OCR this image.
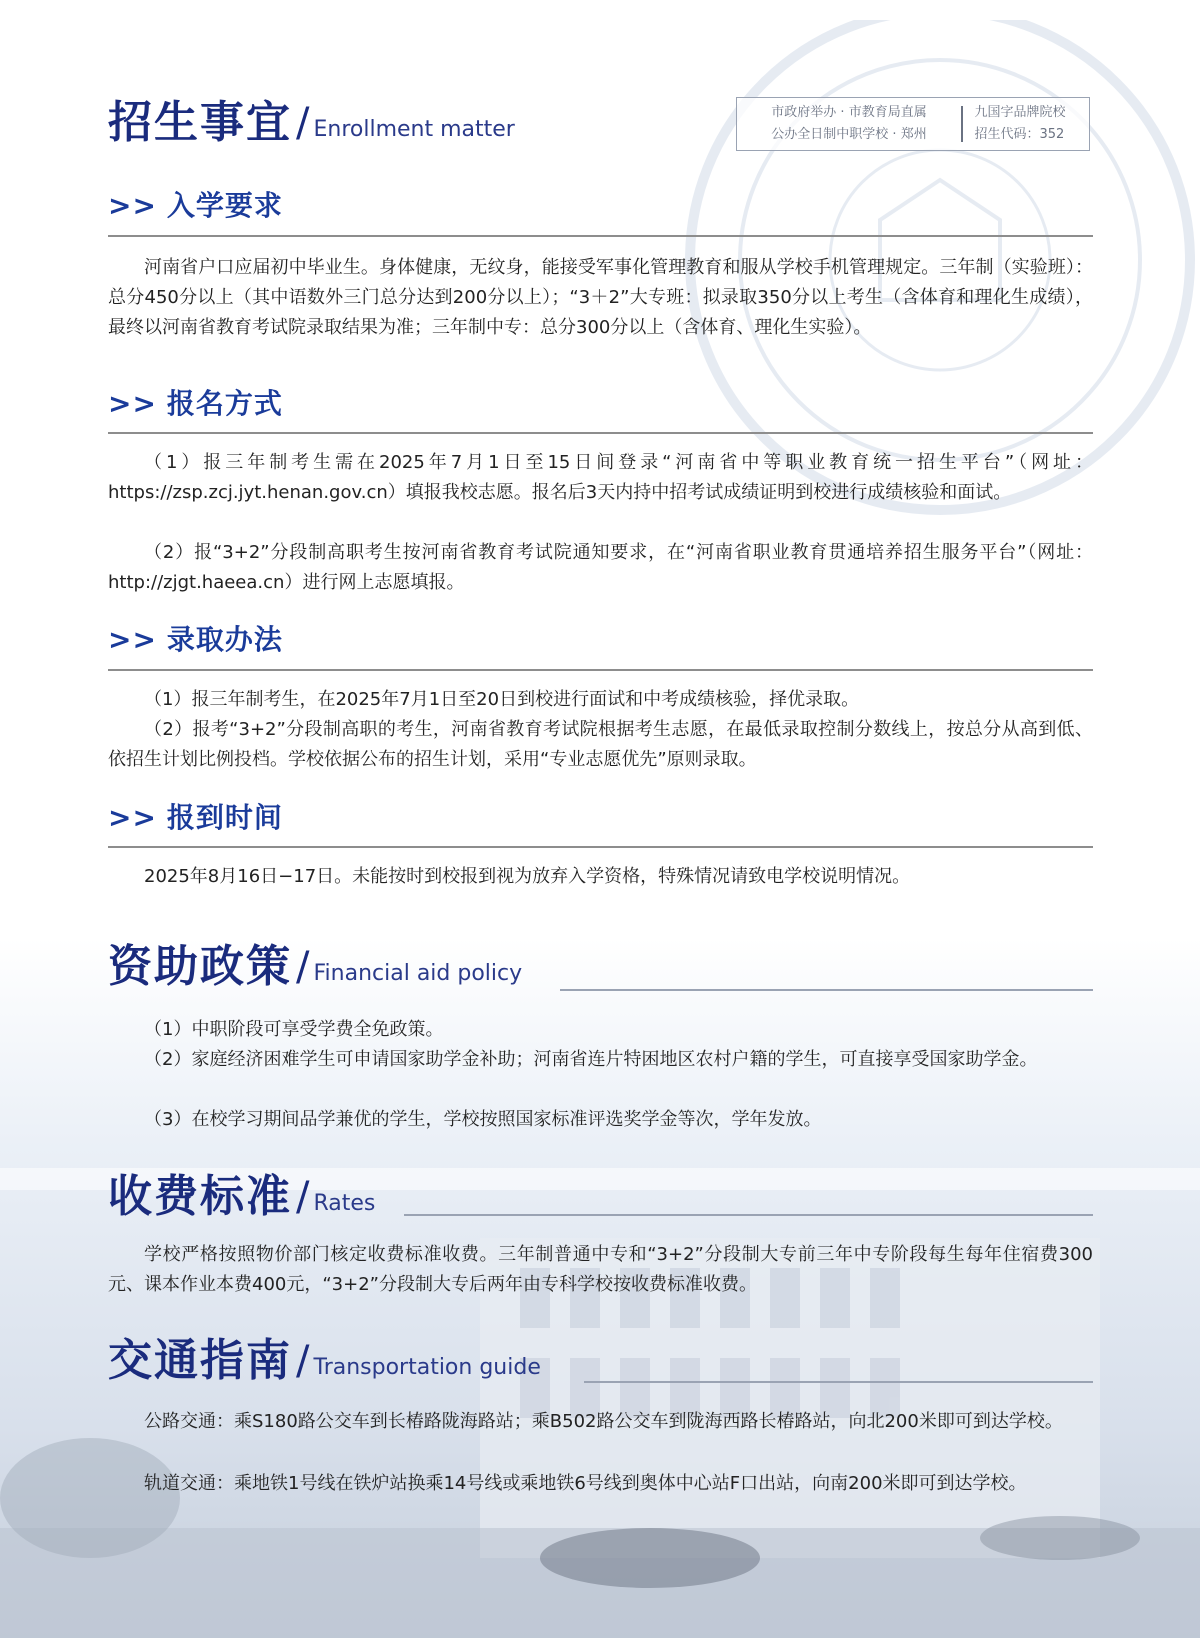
市政府举办 · 市教育局直属
公办全日制中职学校 · 郑州
九国字品牌院校
招生代码：352
招生事宜 / Enrollment matter
>> 入学要求

河南省户口应届初中毕业生。身体健康，无纹身，能接受军事化管理教育和服从学校手机管理规定。三年制（实验班）：总分450分以上（其中语数外三门总分达到200分以上）；“3＋2”大专班：拟录取350分以上考生（含体育和理化生成绩），最终以河南省教育考试院录取结果为准；三年制中专：总分300分以上（含体育、理化生实验）。

>> 报名方式

（1）报三年制考生需在2025年7月1日至15日间登录“河南省中等职业教育统一招生平台”（网址：https://zsp.zcj.jyt.henan.gov.cn）填报我校志愿。报名后3天内持中招考试成绩证明到校进行成绩核验和面试。

（2）报“3+2”分段制高职考生按河南省教育考试院通知要求，在“河南省职业教育贯通培养招生服务平台”（网址：http://zjgt.haeea.cn）进行网上志愿填报。

>> 录取办法

（1）报三年制考生，在2025年7月1日至20日到校进行面试和中考成绩核验，择优录取。

（2）报考“3+2”分段制高职的考生，河南省教育考试院根据考生志愿，在最低录取控制分数线上，按总分从高到低、依招生计划比例投档。学校依据公布的招生计划，采用“专业志愿优先”原则录取。

>> 报到时间

2025年8月16日−17日。未能按时到校报到视为放弃入学资格，特殊情况请致电学校说明情况。

资助政策 / Financial aid policy

（1）中职阶段可享受学费全免政策。

（2）家庭经济困难学生可申请国家助学金补助；河南省连片特困地区农村户籍的学生，可直接享受国家助学金。

（3）在校学习期间品学兼优的学生，学校按照国家标准评选奖学金等次，学年发放。

收费标准 / Rates

学校严格按照物价部门核定收费标准收费。三年制普通中专和“3+2”分段制大专前三年中专阶段每生每年住宿费300元、课本作业本费400元，“3+2”分段制大专后两年由专科学校按收费标准收费。

交通指南 / Transportation guide

公路交通：乘S180路公交车到长椿路陇海路站；乘B502路公交车到陇海西路长椿路站，向北200米即可到达学校。

轨道交通：乘地铁1号线在铁炉站换乘14号线或乘地铁6号线到奥体中心站F口出站，向南200米即可到达学校。
